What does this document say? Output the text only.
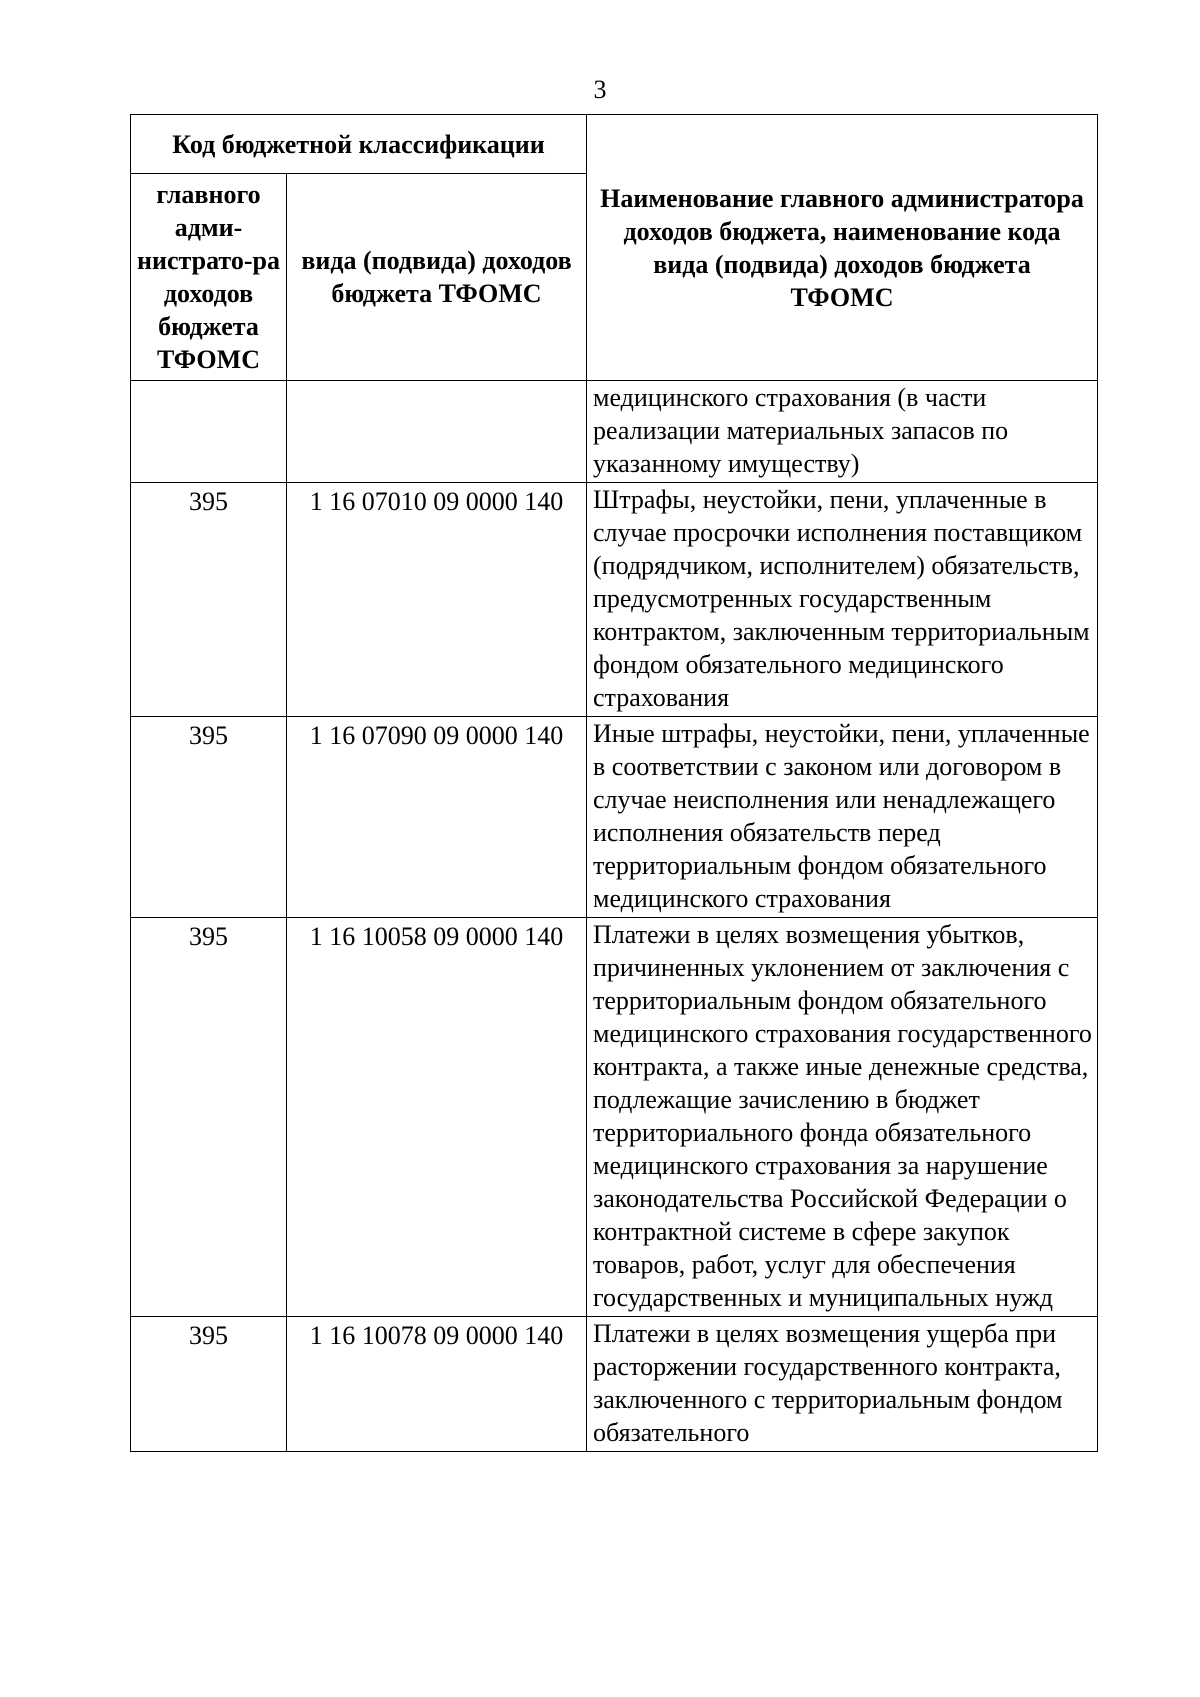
3
Код бюджетной классификации		Наименование главного администратора доходов бюджета, наименование кода вида (подвида) доходов бюджета ТФОМС
главного адми-нистрато-ра доходов бюджета ТФОМС	вида (подвида) доходов бюджета ТФОМС	
		медицинского страхования (в части реализации материальных запасов по указанному имуществу)
395	1 16 07010 09 0000 140	Штрафы, неустойки, пени, уплаченные в случае просрочки исполнения поставщиком (подрядчиком, исполнителем) обязательств, предусмотренных государственным контрактом, заключенным территориальным фондом обязательного медицинского страхования
395	1 16 07090 09 0000 140	Иные штрафы, неустойки, пени, уплаченные в соответствии с законом или договором в случае неисполнения или ненадлежащего исполнения обязательств перед территориальным фондом обязательного медицинского страхования
395	1 16 10058 09 0000 140	Платежи в целях возмещения убытков, причиненных уклонением от заключения с территориальным фондом обязательного медицинского страхования государственного контракта, а также иные денежные средства, подлежащие зачислению в бюджет территориального фонда обязательного медицинского страхования за нарушение законодательства Российской Федерации о контрактной системе в сфере закупок товаров, работ, услуг для обеспечения государственных и муниципальных нужд
395	1 16 10078 09 0000 140	Платежи в целях возмещения ущерба при расторжении государственного контракта, заключенного с территориальным фондом обязательного
